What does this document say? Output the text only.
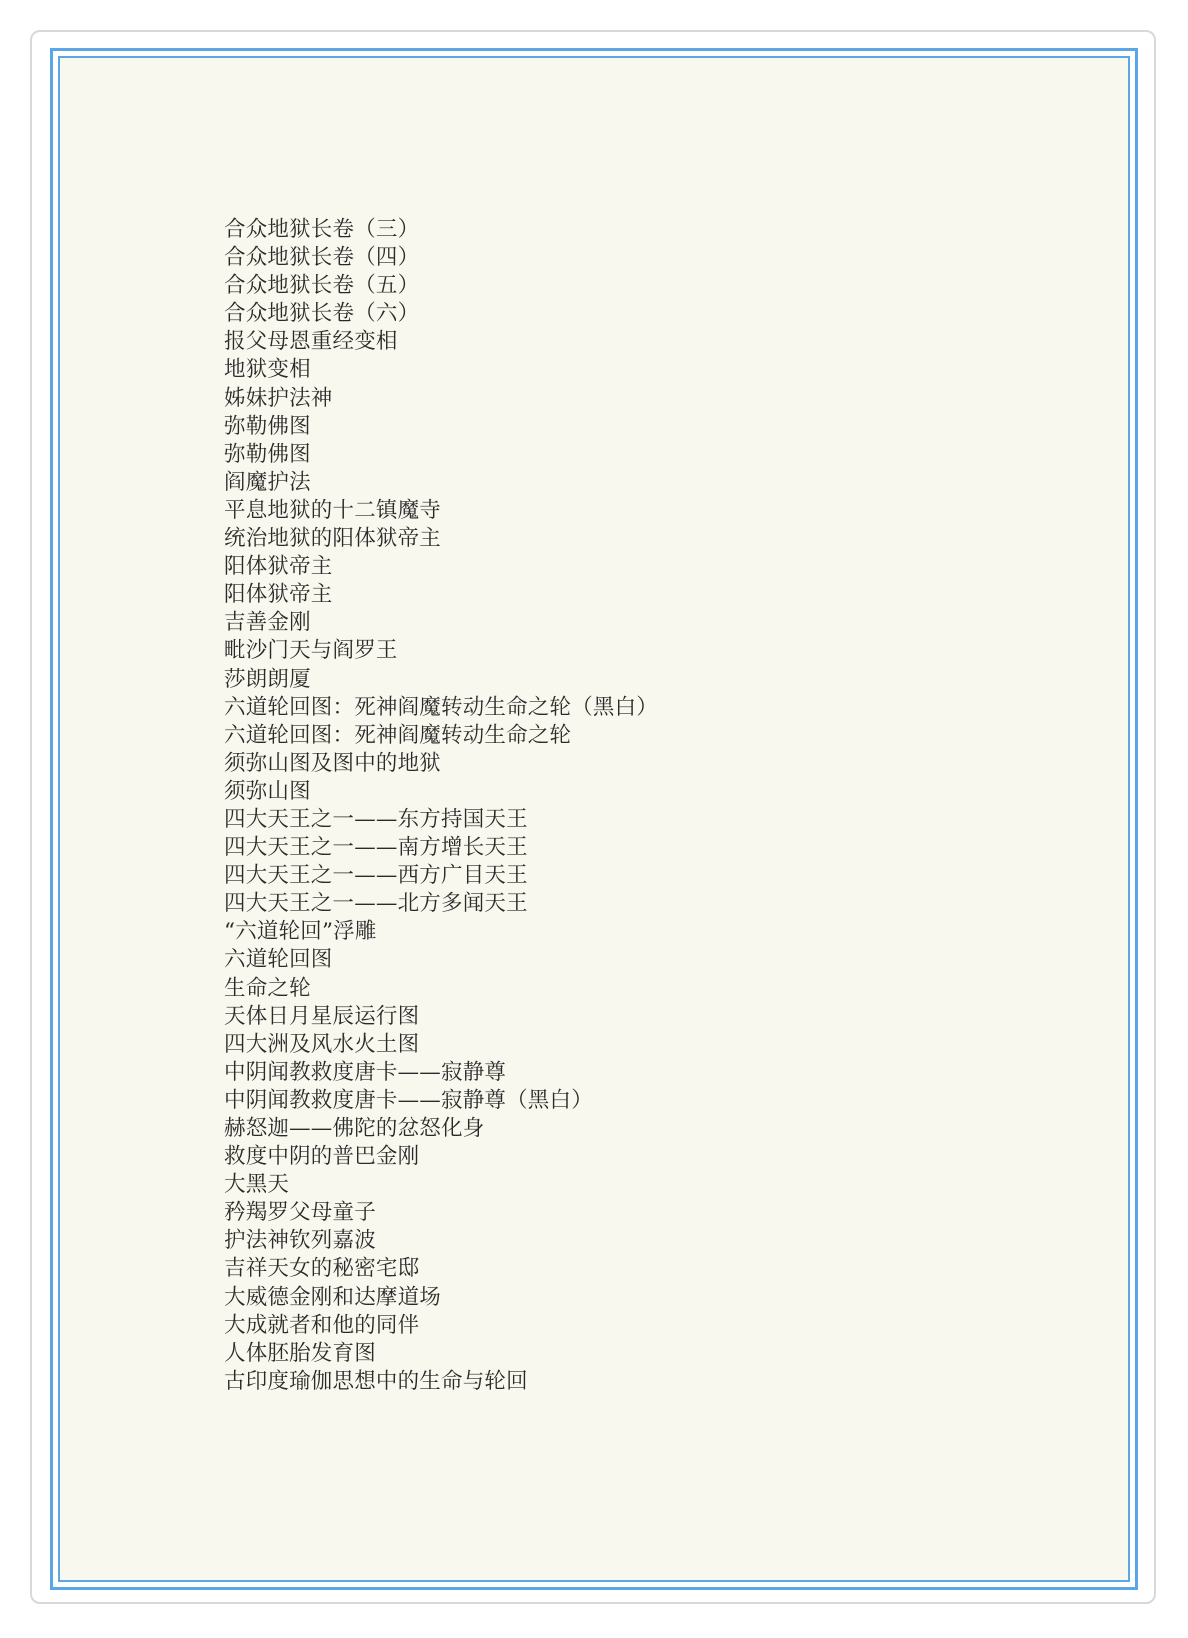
合众地狱长卷（三）
合众地狱长卷（四）
合众地狱长卷（五）
合众地狱长卷（六）
报父母恩重经变相
地狱变相
姊妹护法神
弥勒佛图
弥勒佛图
阎魔护法
平息地狱的十二镇魔寺
统治地狱的阳体狱帝主
阳体狱帝主
阳体狱帝主
吉善金刚
毗沙门天与阎罗王
莎朗朗厦
六道轮回图：死神阎魔转动生命之轮（黑白）
六道轮回图：死神阎魔转动生命之轮
须弥山图及图中的地狱
须弥山图
四大天王之一——东方持国天王
四大天王之一——南方增长天王
四大天王之一——西方广目天王
四大天王之一——北方多闻天王
“六道轮回”浮雕
六道轮回图
生命之轮
天体日月星辰运行图
四大洲及风水火土图
中阴闻教救度唐卡——寂静尊
中阴闻教救度唐卡——寂静尊（黑白）
赫怒迦——佛陀的忿怒化身
救度中阴的普巴金刚
大黑天
矜羯罗父母童子
护法神钦列嘉波
吉祥天女的秘密宅邸
大威德金刚和达摩道场
大成就者和他的同伴
人体胚胎发育图
古印度瑜伽思想中的生命与轮回
